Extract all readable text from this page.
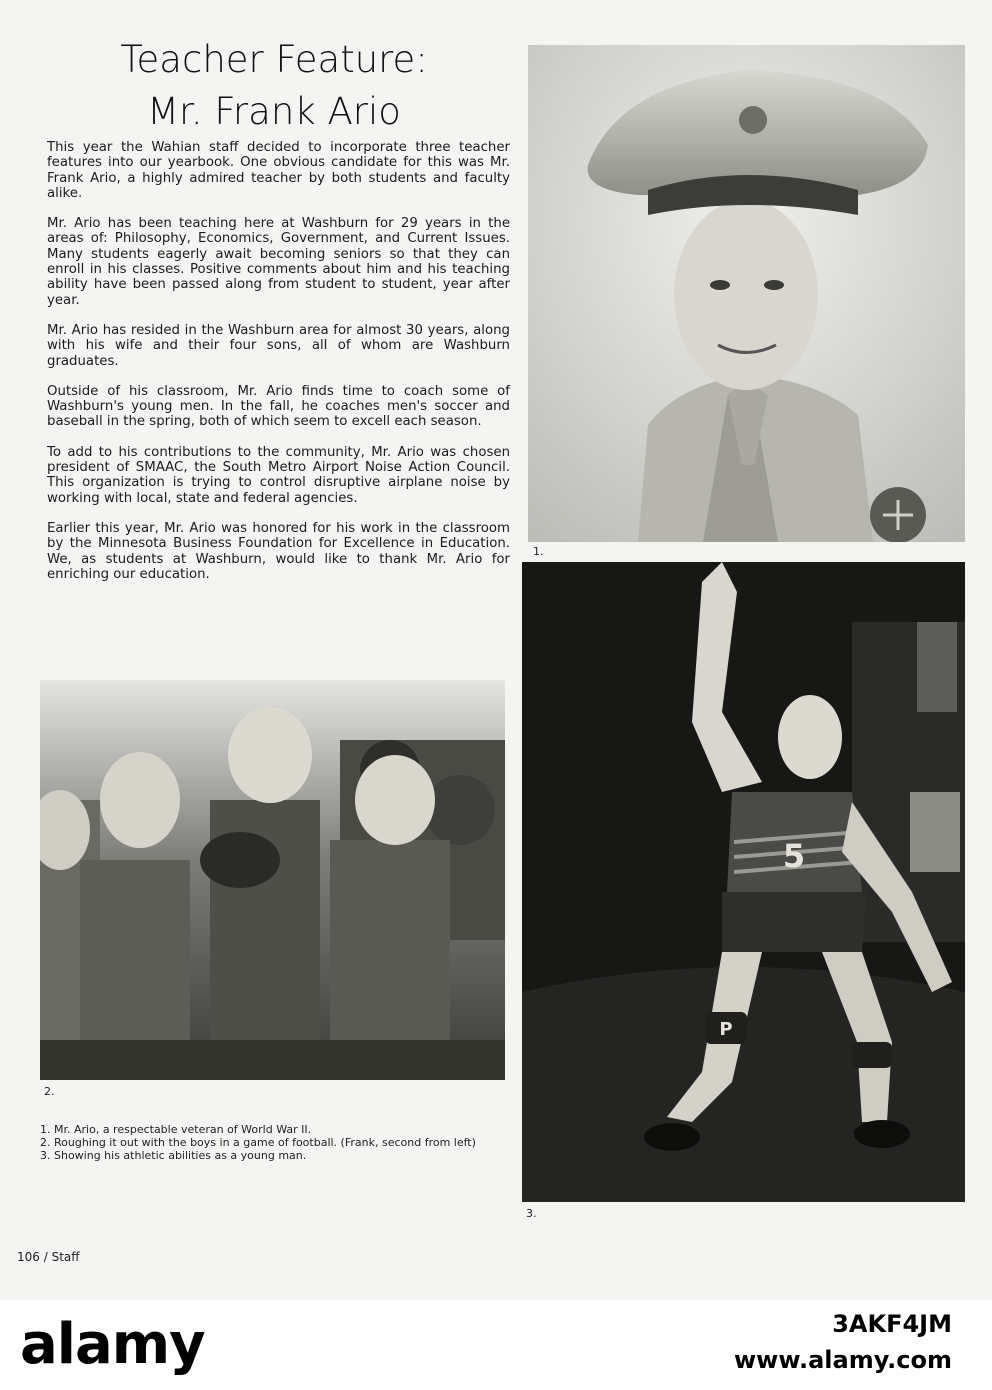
Teacher Feature:
Mr. Frank Ario

This year the Wahian staff decided to incorporate three teacher features into our yearbook. One obvious candidate for this was Mr. Frank Ario, a highly admired teacher by both students and faculty alike.

Mr. Ario has been teaching here at Washburn for 29 years in the areas of: Philosophy, Economics, Government, and Current Issues. Many students eagerly await becoming seniors so that they can enroll in his classes. Positive comments about him and his teaching ability have been passed along from student to student, year after year.

Mr. Ario has resided in the Washburn area for almost 30 years, along with his wife and their four sons, all of whom are Washburn graduates.

Outside of his classroom, Mr. Ario finds time to coach some of Washburn's young men. In the fall, he coaches men's soccer and baseball in the spring, both of which seem to excell each season.

To add to his contributions to the community, Mr. Ario was chosen president of SMAAC, the South Metro Airport Noise Action Council. This organization is trying to control disruptive airplane noise by working with local, state and federal agencies.

Earlier this year, Mr. Ario was honored for his work in the classroom by the Minnesota Business Foundation for Excellence in Education. We, as students at Washburn, would like to thank Mr. Ario for enriching our education.

1.
2.
P
5
3.
1. Mr. Ario, a respectable veteran of World War II.
2. Roughing it out with the boys in a game of football. (Frank, second from left)
3. Showing his athletic abilities as a young man.
106 / Staff
alamy	3AKF4JM
www.alamy.com
